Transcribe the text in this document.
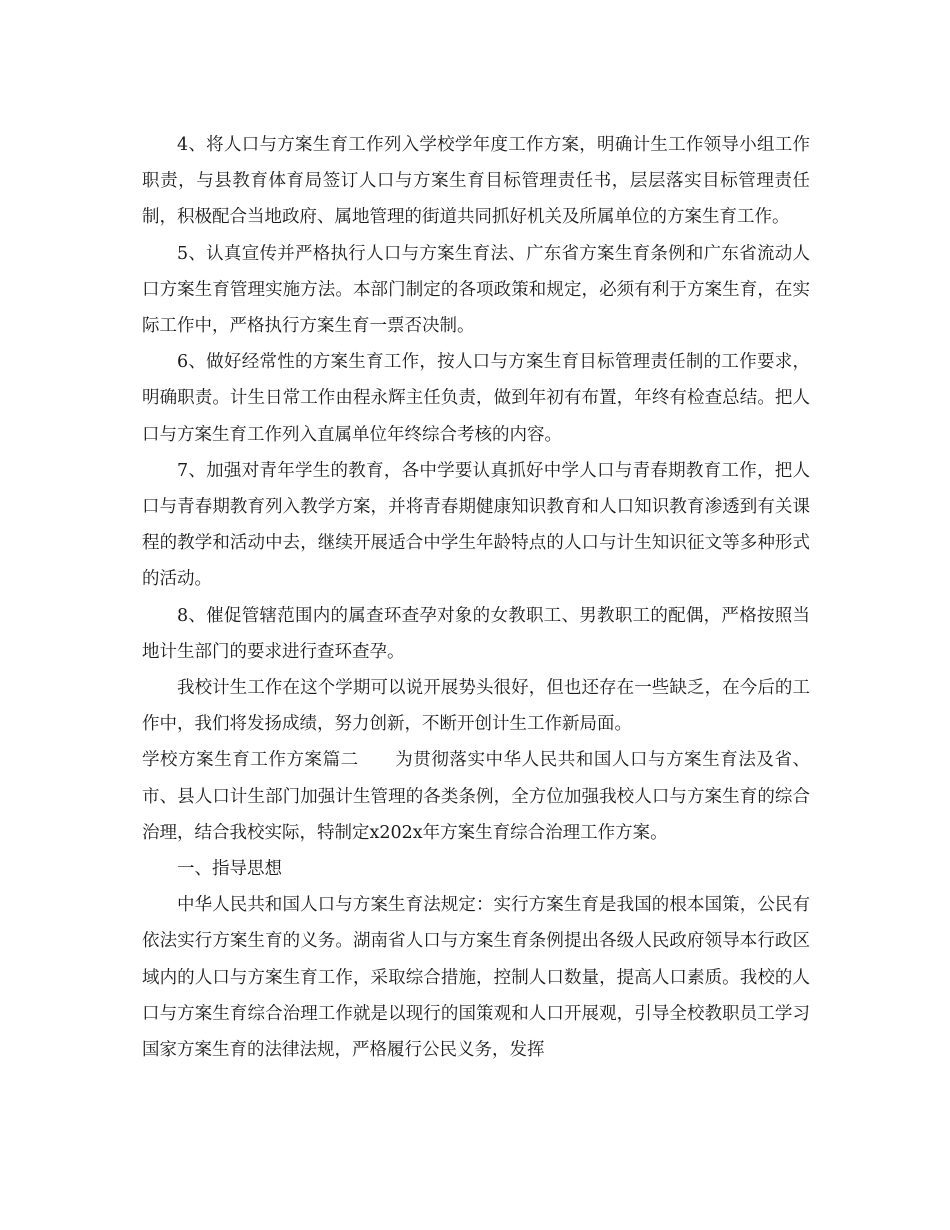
4、将人口与方案生育工作列入学校学年度工作方案，明确计生工作领导小组工作职责，与县教育体育局签订人口与方案生育目标管理责任书，层层落实目标管理责任制，积极配合当地政府、属地管理的街道共同抓好机关及所属单位的方案生育工作。

5、认真宣传并严格执行人口与方案生育法、广东省方案生育条例和广东省流动人口方案生育管理实施方法。本部门制定的各项政策和规定，必须有利于方案生育，在实际工作中，严格执行方案生育一票否决制。

6、做好经常性的方案生育工作，按人口与方案生育目标管理责任制的工作要求，明确职责。计生日常工作由程永辉主任负责，做到年初有布置，年终有检查总结。把人口与方案生育工作列入直属单位年终综合考核的内容。

7、加强对青年学生的教育，各中学要认真抓好中学人口与青春期教育工作，把人口与青春期教育列入教学方案，并将青春期健康知识教育和人口知识教育渗透到有关课程的教学和活动中去，继续开展适合中学生年龄特点的人口与计生知识征文等多种形式的活动。

8、催促管辖范围内的属查环查孕对象的女教职工、男教职工的配偶，严格按照当地计生部门的要求进行查环查孕。

我校计生工作在这个学期可以说开展势头很好，但也还存在一些缺乏，在今后的工作中，我们将发扬成绩，努力创新，不断开创计生工作新局面。

学校方案生育工作方案篇二 为贯彻落实中华人民共和国人口与方案生育法及省、市、县人口计生部门加强计生管理的各类条例，全方位加强我校人口与方案生育的综合治理，结合我校实际，特制定x202x年方案生育综合治理工作方案。

一、指导思想

中华人民共和国人口与方案生育法规定：实行方案生育是我国的根本国策，公民有依法实行方案生育的义务。湖南省人口与方案生育条例提出各级人民政府领导本行政区域内的人口与方案生育工作，采取综合措施，控制人口数量，提高人口素质。我校的人口与方案生育综合治理工作就是以现行的国策观和人口开展观，引导全校教职员工学习国家方案生育的法律法规，严格履行公民义务，发挥
